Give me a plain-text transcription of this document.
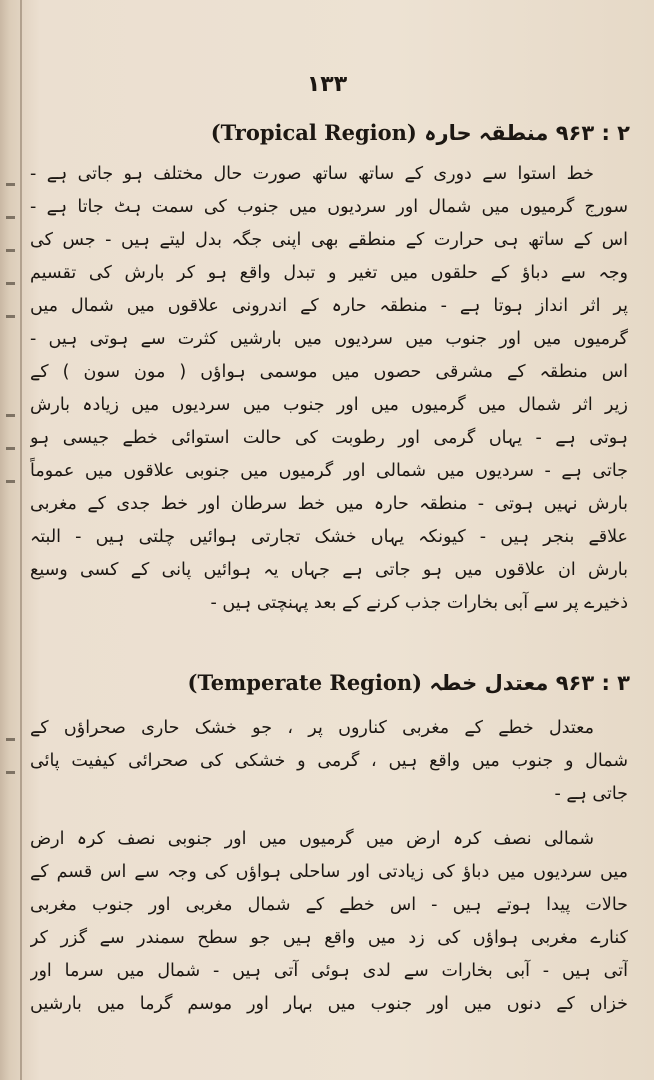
۱۳۳
۲ : ۹۶۳ منطقہ حارہ (Tropical Region)
خط استوا سے دوری کے ساتھ ساتھ صورت حال مختلف ہو جاتی ہے -
سورج گرمیوں میں شمال اور سردیوں میں جنوب کی سمت ہٹ جاتا ہے -
اس کے ساتھ ہی حرارت کے منطقے بھی اپنی جگہ بدل لیتے ہیں - جس کی
وجہ سے دباؤ کے حلقوں میں تغیر و تبدل واقع ہو کر بارش کی تقسیم
پر اثر انداز ہوتا ہے - منطقہ حارہ کے اندرونی علاقوں میں شمال میں
گرمیوں میں اور جنوب میں سردیوں میں بارشیں کثرت سے ہوتی ہیں -
اس منطقہ کے مشرقی حصوں میں موسمی ہواؤں ( مون سون ) کے
زیر اثر شمال میں گرمیوں میں اور جنوب میں سردیوں میں زیادہ بارش
ہوتی ہے - یہاں گرمی اور رطوبت کی حالت استوائی خطے جیسی ہو
جاتی ہے - سردیوں میں شمالی اور گرمیوں میں جنوبی علاقوں میں عموماً
بارش نہیں ہوتی - منطقہ حارہ میں خط سرطان اور خط جدی کے مغربی
علاقے بنجر ہیں - کیونکہ یہاں خشک تجارتی ہوائیں چلتی ہیں - البتہ
بارش ان علاقوں میں ہو جاتی ہے جہاں یہ ہوائیں پانی کے کسی وسیع
ذخیرے پر سے آبی بخارات جذب کرنے کے بعد پہنچتی ہیں -
۳ : ۹۶۳ معتدل خطہ (Temperate Region)
معتدل خطے کے مغربی کناروں پر ، جو خشک حاری صحراؤں کے
شمال و جنوب میں واقع ہیں ، گرمی و خشکی کی صحرائی کیفیت پائی
جاتی ہے -
شمالی نصف کرہ ارض میں گرمیوں میں اور جنوبی نصف کرہ ارض
میں سردیوں میں دباؤ کی زیادتی اور ساحلی ہواؤں کی وجہ سے اس قسم کے
حالات پیدا ہوتے ہیں - اس خطے کے شمال مغربی اور جنوب مغربی
کنارے مغربی ہواؤں کی زد میں واقع ہیں جو سطح سمندر سے گزر کر
آتی ہیں - آبی بخارات سے لدی ہوئی آتی ہیں - شمال میں سرما اور
خزاں کے دنوں میں اور جنوب میں بہار اور موسم گرما میں بارشیں
